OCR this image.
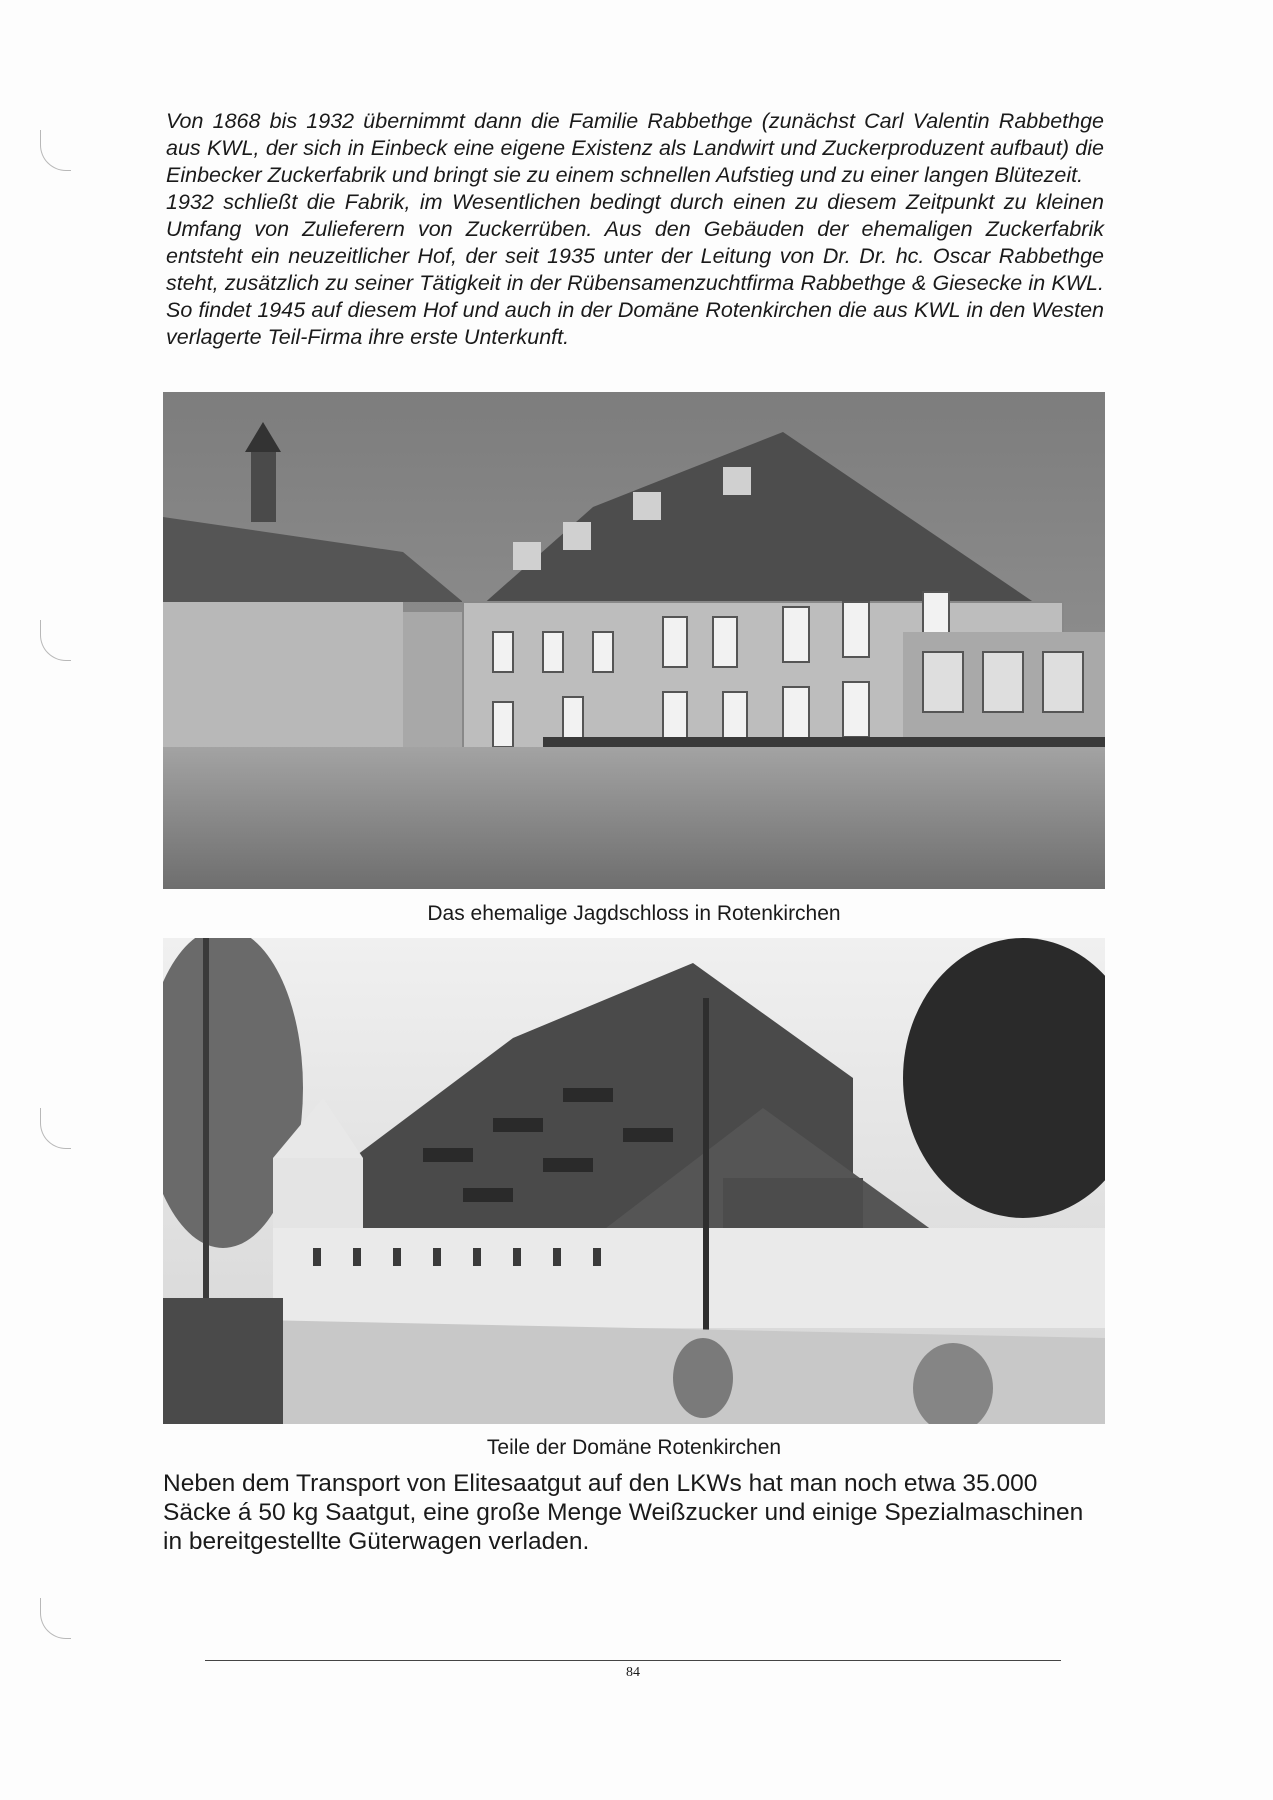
Von 1868 bis 1932 übernimmt dann die Familie Rabbethge (zunächst Carl Valentin Rabbethge aus KWL, der sich in Einbeck eine eigene Existenz als Landwirt und Zuckerproduzent aufbaut) die Einbecker Zuckerfabrik und bringt sie zu einem schnellen Aufstieg und zu einer langen Blütezeit.

1932 schließt die Fabrik, im Wesentlichen bedingt durch einen zu diesem Zeitpunkt zu kleinen Umfang von Zulieferern von Zuckerrüben. Aus den Gebäuden der ehemaligen Zuckerfabrik entsteht ein neuzeitlicher Hof, der seit 1935 unter der Leitung von Dr. Dr. hc. Oscar Rabbethge steht, zusätzlich zu seiner Tätigkeit in der Rübensamenzuchtfirma Rabbethge & Giesecke in KWL. So findet 1945 auf diesem Hof und auch in der Domäne Rotenkirchen die aus KWL in den Westen verlagerte Teil-Firma ihre erste Unterkunft.

Das ehemalige Jagdschloss in Rotenkirchen
Teile der Domäne Rotenkirchen

Neben dem Transport von Elitesaatgut auf den LKWs hat man noch etwa 35.000 Säcke á 50 kg Saatgut, eine große Menge Weißzucker und einige Spezialmaschinen in bereitgestellte Güterwagen verladen.

84
